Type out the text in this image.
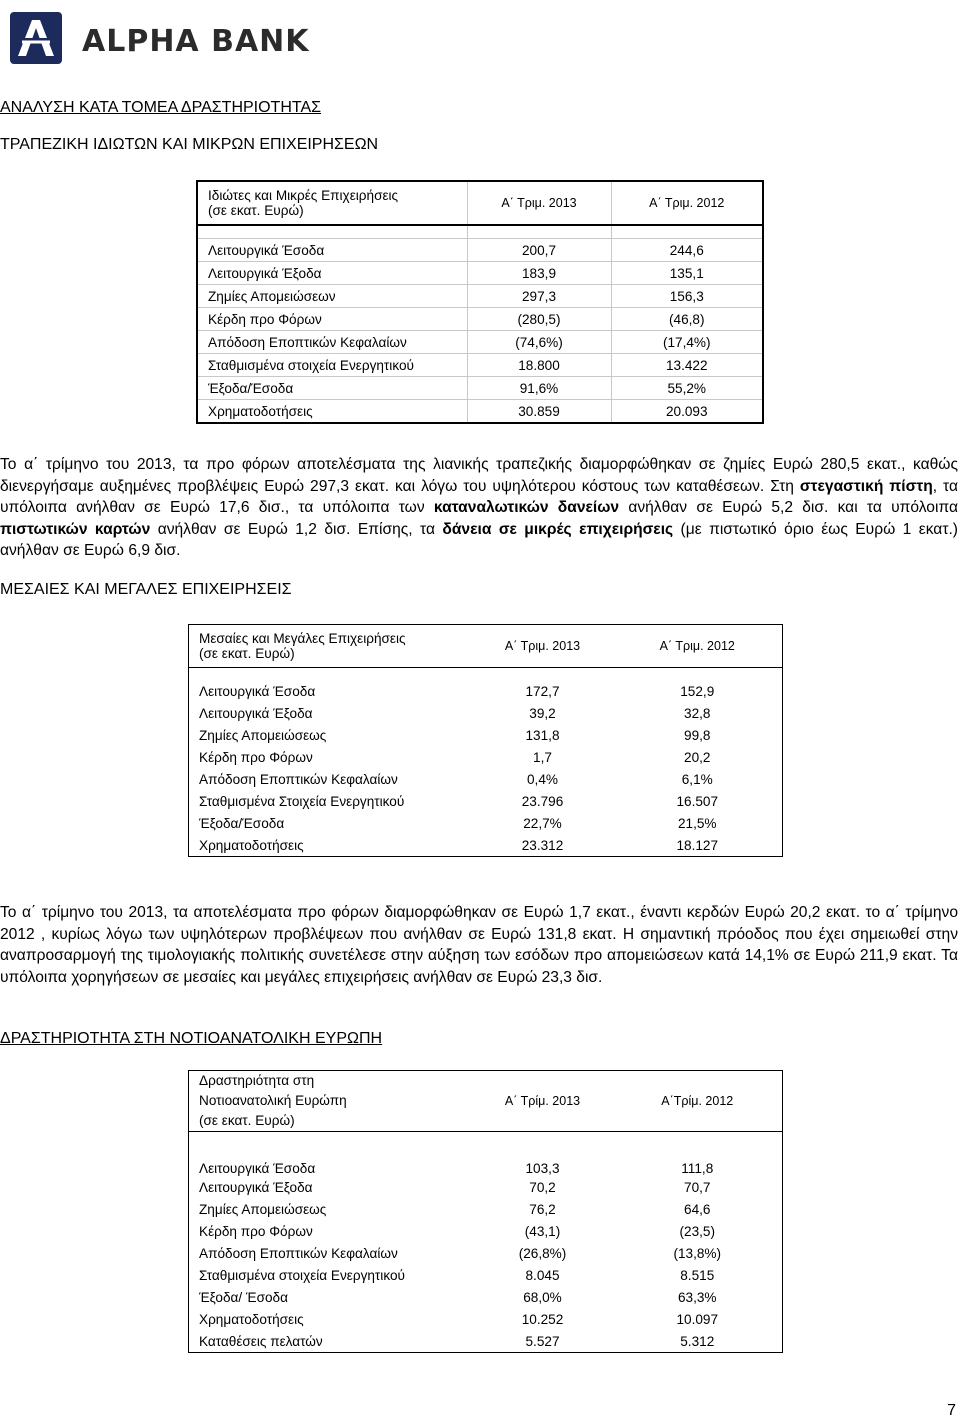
ALPHA BANK
ΑΝΑΛΥΣΗ ΚΑΤΑ ΤΟΜΕΑ ΔΡΑΣΤΗΡΙΟΤΗΤΑΣ
ΤΡΑΠΕΖΙΚΗ ΙΔΙΩΤΩΝ ΚΑΙ ΜΙΚΡΩΝ ΕΠΙΧΕΙΡΗΣΕΩΝ
Ιδιώτες και Μικρές Επιχειρήσεις
(σε εκατ. Ευρώ)	Α΄ Τριμ. 2013	Α΄ Τριμ. 2012

Λειτουργικά Έσοδα	200,7	244,6
Λειτουργικά Έξοδα	183,9	135,1
Ζημίες Απομειώσεων	297,3	156,3
Κέρδη προ Φόρων	(280,5)	(46,8)
Απόδοση Εποπτικών Κεφαλαίων	(74,6%)	(17,4%)
Σταθμισμένα στοιχεία Ενεργητικού	18.800	13.422
Έξοδα/Έσοδα	91,6%	55,2%
Χρηματοδοτήσεις	30.859	20.093

Το α΄ τρίμηνο του 2013, τα προ φόρων αποτελέσματα της λιανικής τραπεζικής διαμορφώθηκαν σε ζημίες Ευρώ 280,5 εκατ., καθώς διενεργήσαμε αυξημένες προβλέψεις Ευρώ 297,3 εκατ. και λόγω του υψηλότερου κόστους των καταθέσεων. Στη στεγαστική πίστη, τα υπόλοιπα ανήλθαν σε Ευρώ 17,6 δισ., τα υπόλοιπα των καταναλωτικών δανείων ανήλθαν σε Ευρώ 5,2 δισ. και τα υπόλοιπα πιστωτικών καρτών ανήλθαν σε Ευρώ 1,2 δισ. Επίσης, τα δάνεια σε μικρές επιχειρήσεις (με πιστωτικό όριο έως Ευρώ 1 εκατ.) ανήλθαν σε Ευρώ 6,9 δισ.

ΜΕΣΑΙΕΣ ΚΑΙ ΜΕΓΑΛΕΣ ΕΠΙΧΕΙΡΗΣΕΙΣ
Μεσαίες και Μεγάλες Επιχειρήσεις
(σε εκατ. Ευρώ)	Α΄ Τριμ. 2013	Α΄ Τριμ. 2012

Λειτουργικά Έσοδα	172,7	152,9
Λειτουργικά Έξοδα	39,2	32,8
Ζημίες Απομειώσεως	131,8	99,8
Κέρδη προ Φόρων	1,7	20,2
Απόδοση Εποπτικών Κεφαλαίων	0,4%	6,1%
Σταθμισμένα Στοιχεία Ενεργητικού	23.796	16.507
Έξοδα/Έσοδα	22,7%	21,5%
Χρηματοδοτήσεις	23.312	18.127

Το α΄ τρίμηνο του 2013, τα αποτελέσματα προ φόρων διαμορφώθηκαν σε Ευρώ 1,7 εκατ., έναντι κερδών Ευρώ 20,2 εκατ. το α΄ τρίμηνο 2012 , κυρίως λόγω των υψηλότερων προβλέψεων που ανήλθαν σε Ευρώ 131,8 εκατ. Η σημαντική πρόοδος που έχει σημειωθεί στην αναπροσαρμογή της τιμολογιακής πολιτικής συνετέλεσε στην αύξηση των εσόδων προ απομειώσεων κατά 14,1% σε Ευρώ 211,9 εκατ. Τα υπόλοιπα χορηγήσεων σε μεσαίες και μεγάλες επιχειρήσεις ανήλθαν σε Ευρώ 23,3 δισ.

ΔΡΑΣΤΗΡΙΟΤΗΤΑ ΣΤΗ ΝΟΤΙΟΑΝΑΤΟΛΙΚΗ ΕΥΡΩΠΗ
Δραστηριότητα στη
Νοτιοανατολική Ευρώπη
(σε εκατ. Ευρώ)	Α΄ Τρίμ. 2013	Α΄Τρίμ. 2012

Λειτουργικά Έσοδα	103,3	111,8
Λειτουργικά Έξοδα	70,2	70,7
Ζημίες Απομειώσεως	76,2	64,6
Κέρδη προ Φόρων	(43,1)	(23,5)
Απόδοση Εποπτικών Κεφαλαίων	(26,8%)	(13,8%)
Σταθμισμένα στοιχεία Ενεργητικού	8.045	8.515
Έξοδα/ Έσοδα	68,0%	63,3%
Χρηματοδοτήσεις	10.252	10.097
Καταθέσεις πελατών	5.527	5.312
7
